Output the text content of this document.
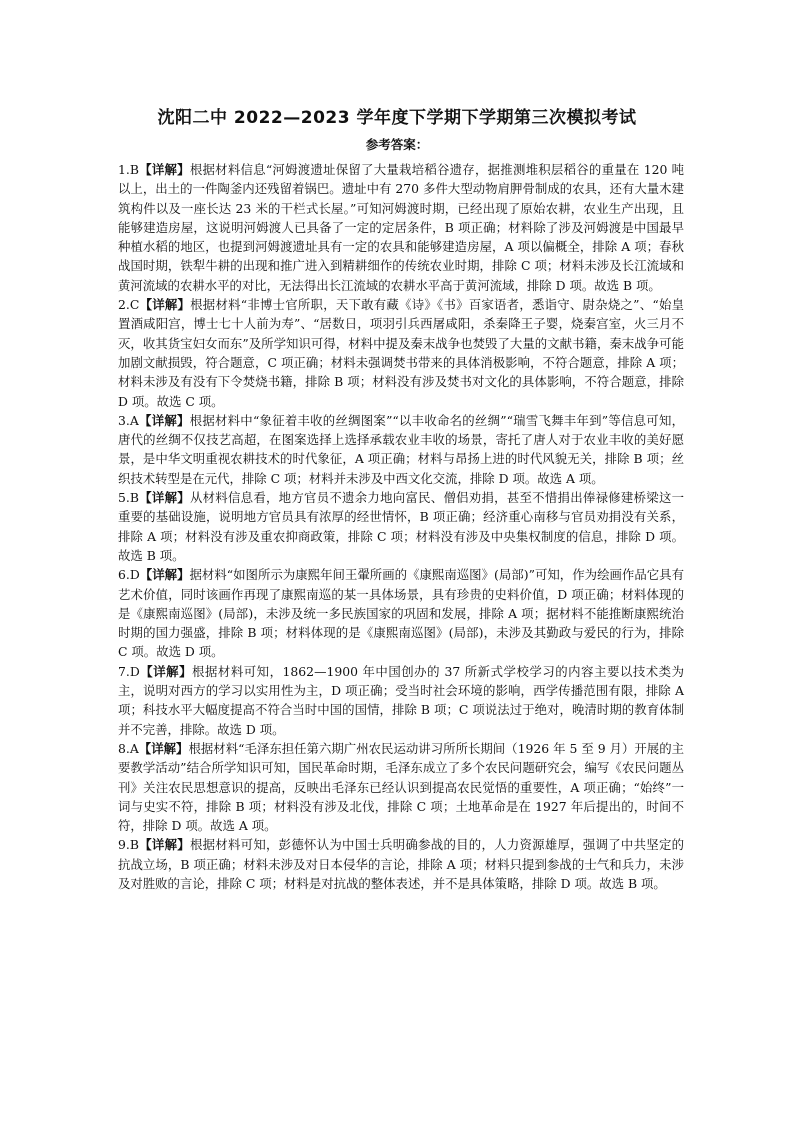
沈阳二中 2022—2023 学年度下学期下学期第三次模拟考试
参考答案：

1.B【详解】根据材料信息“河姆渡遗址保留了大量栽培稻谷遗存，据推测堆积层稻谷的重量在 120 吨以上，出土的一件陶釜内还残留着锅巴。遗址中有 270 多件大型动物肩胛骨制成的农具，还有大量木建筑构件以及一座长达 23 米的干栏式长屋。”可知河姆渡时期，已经出现了原始农耕，农业生产出现，且能够建造房屋，这说明河姆渡人已具备了一定的定居条件，B 项正确；材料除了涉及河姆渡是中国最早种植水稻的地区，也提到河姆渡遗址具有一定的农具和能够建造房屋，A 项以偏概全，排除 A 项；春秋战国时期，铁犁牛耕的出现和推广进入到精耕细作的传统农业时期，排除 C 项；材料未涉及长江流域和黄河流域的农耕水平的对比，无法得出长江流域的农耕水平高于黄河流域，排除 D 项。故选 B 项。

2.C【详解】根据材料“非博士官所职，天下敢有藏《诗》《书》百家语者，悉诣守、尉杂烧之”、“始皇置酒咸阳宫，博士七十人前为寿”、“居数日，项羽引兵西屠咸阳，杀秦降王子婴，烧秦宫室，火三月不灭，收其货宝妇女而东”及所学知识可得，材料中提及秦末战争也焚毁了大量的文献书籍，秦末战争可能加剧文献损毁，符合题意，C 项正确；材料未强调焚书带来的具体消极影响，不符合题意，排除 A 项；材料未涉及有没有下令焚烧书籍，排除 B 项；材料没有涉及焚书对文化的具体影响，不符合题意，排除 D 项。故选 C 项。

3.A【详解】根据材料中“象征着丰收的丝绸图案”“以丰收命名的丝绸”“瑞雪飞舞丰年到”等信息可知，唐代的丝绸不仅技艺高超，在图案选择上选择承载农业丰收的场景，寄托了唐人对于农业丰收的美好愿景，是中华文明重视农耕技术的时代象征，A 项正确；材料与昂扬上进的时代风貌无关，排除 B 项；丝织技术转型是在元代，排除 C 项；材料并未涉及中西文化交流，排除 D 项。故选 A 项。

5.B【详解】从材料信息看，地方官员不遗余力地向富民、僧侣劝捐，甚至不惜捐出俸禄修建桥梁这一重要的基础设施，说明地方官员具有浓厚的经世情怀，B 项正确；经济重心南移与官员劝捐没有关系，排除 A 项；材料没有涉及重农抑商政策，排除 C 项；材料没有涉及中央集权制度的信息，排除 D 项。故选 B 项。

6.D【详解】据材料“如图所示为康熙年间王翬所画的《康熙南巡图》(局部)”可知，作为绘画作品它具有艺术价值，同时该画作再现了康熙南巡的某一具体场景，具有珍贵的史料价值，D 项正确；材料体现的是《康熙南巡图》(局部)，未涉及统一多民族国家的巩固和发展，排除 A 项；据材料不能推断康熙统治时期的国力强盛，排除 B 项；材料体现的是《康熙南巡图》(局部)，未涉及其勤政与爱民的行为，排除 C 项。故选 D 项。

7.D【详解】根据材料可知，1862—1900 年中国创办的 37 所新式学校学习的内容主要以技术类为主，说明对西方的学习以实用性为主，D 项正确；受当时社会环境的影响，西学传播范围有限，排除 A 项；科技水平大幅度提高不符合当时中国的国情，排除 B 项；C 项说法过于绝对，晚清时期的教育体制并不完善，排除。故选 D 项。

8.A【详解】根据材料“毛泽东担任第六期广州农民运动讲习所所长期间（1926 年 5 至 9 月）开展的主要教学活动”结合所学知识可知，国民革命时期，毛泽东成立了多个农民问题研究会，编写《农民问题丛刊》关注农民思想意识的提高，反映出毛泽东已经认识到提高农民觉悟的重要性，A 项正确；“始终”一词与史实不符，排除 B 项；材料没有涉及北伐，排除 C 项；土地革命是在 1927 年后提出的，时间不符，排除 D 项。故选 A 项。

9.B【详解】根据材料可知，彭德怀认为中国士兵明确参战的目的，人力资源雄厚，强调了中共坚定的抗战立场，B 项正确；材料未涉及对日本侵华的言论，排除 A 项；材料只提到参战的士气和兵力，未涉及对胜败的言论，排除 C 项；材料是对抗战的整体表述，并不是具体策略，排除 D 项。故选 B 项。
